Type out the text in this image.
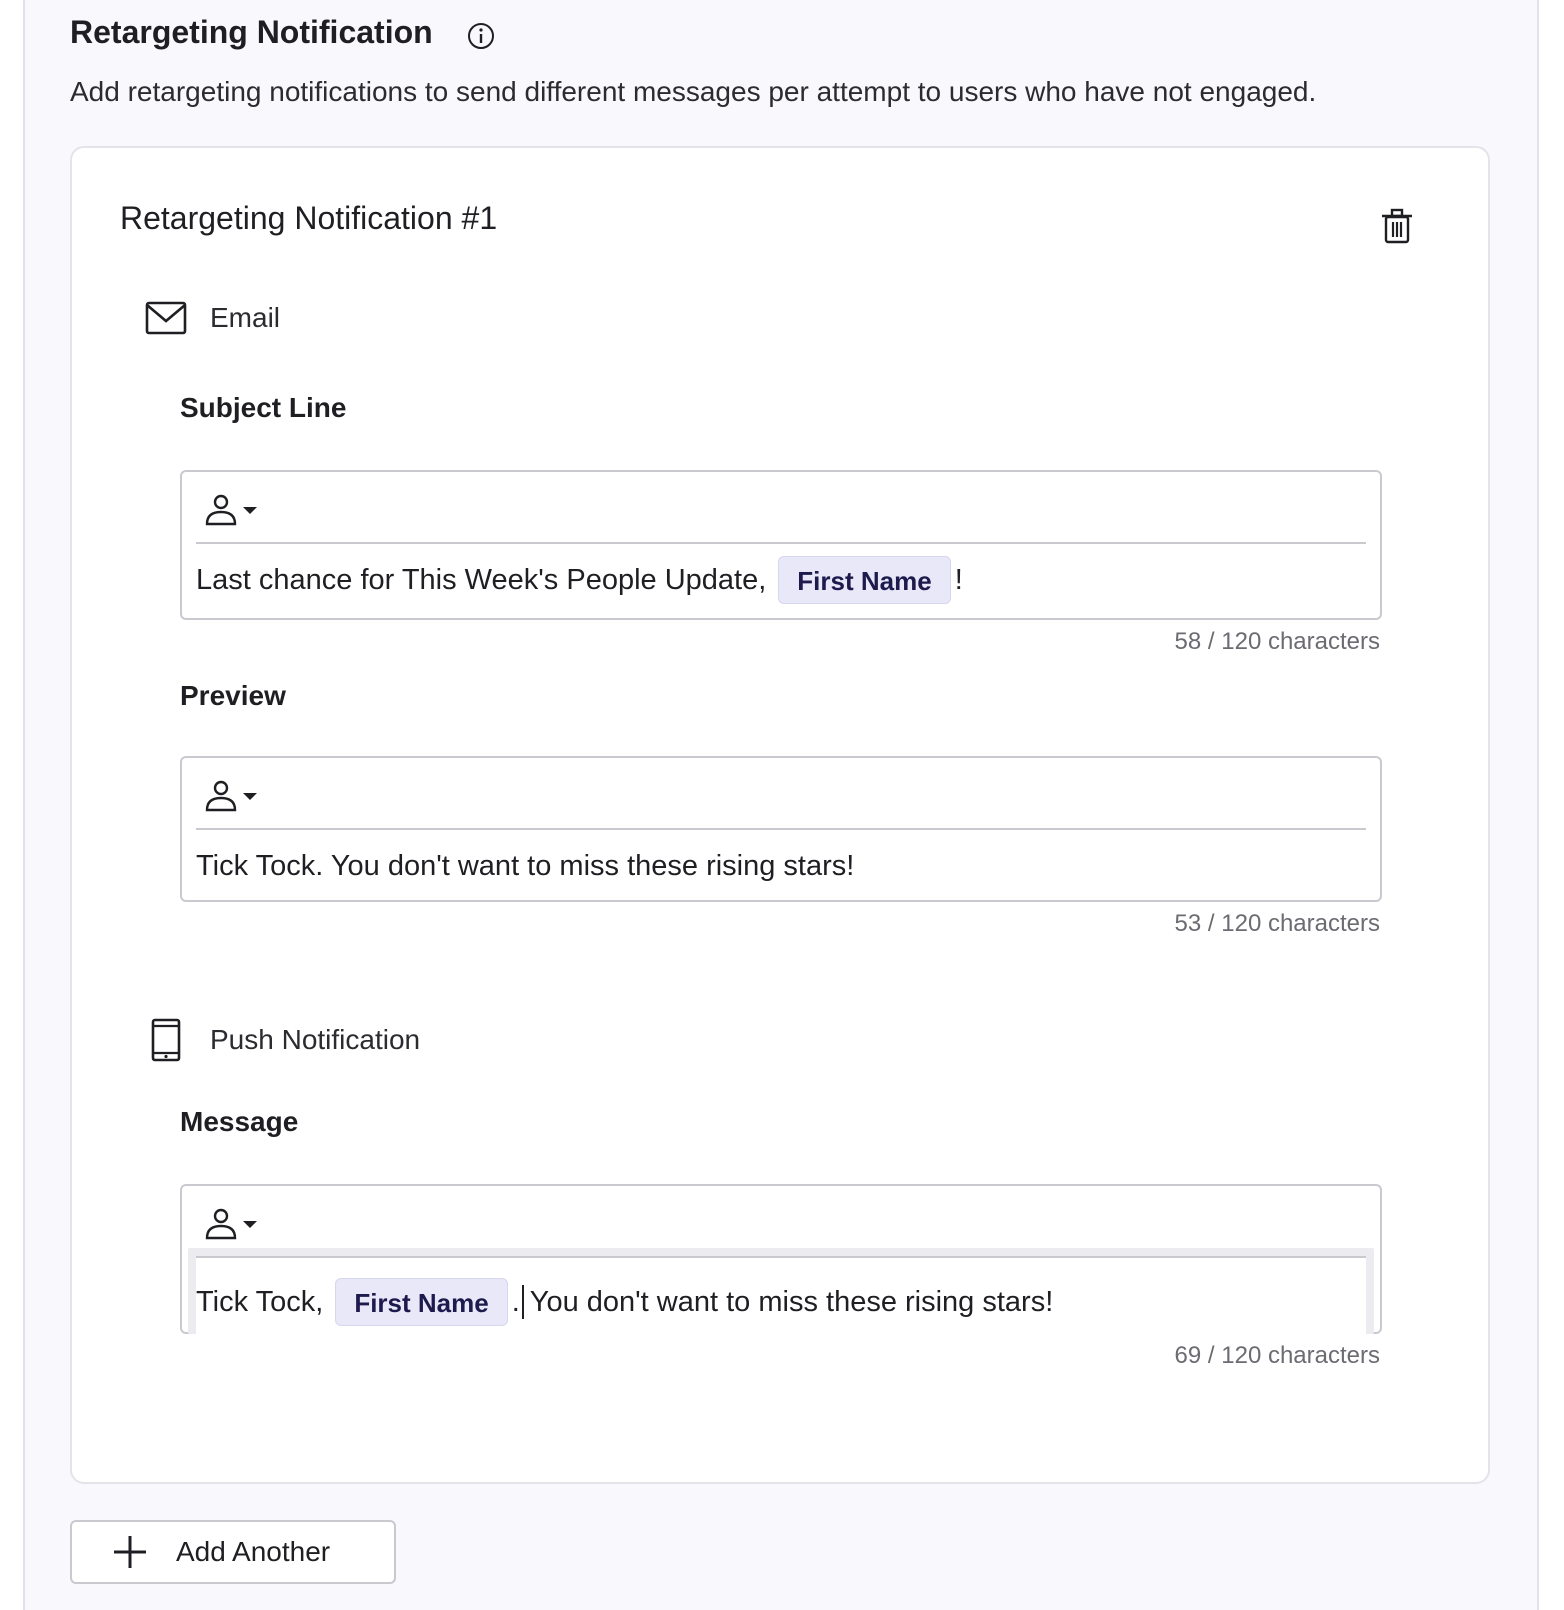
Retargeting Notification
Add retargeting notifications to send different messages per attempt to users who have not engaged.
Retargeting Notification #1
Email
Subject Line
Last chance for This Week's People Update,	First Name !
58 / 120 characters
Preview
Tick Tock. You don't want to miss these rising stars!
53 / 120 characters
Push Notification
Message
Tick Tock,	First Name . You don't want to miss these rising stars!
69 / 120 characters
Add Another
